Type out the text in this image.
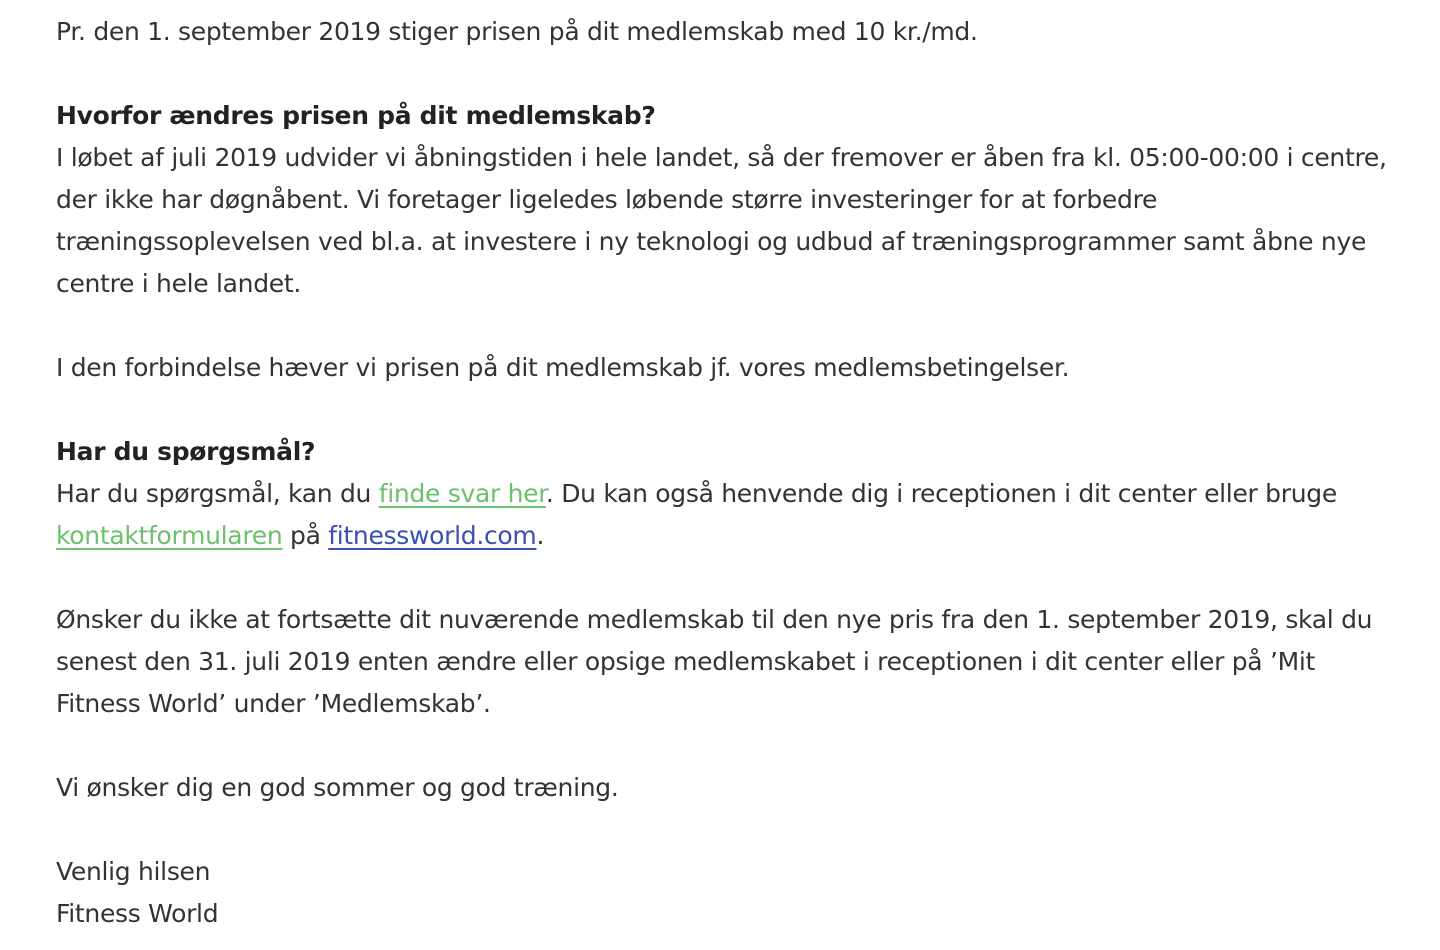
Pr. den 1. september 2019 stiger prisen på dit medlemskab med 10 kr./md.

Hvorfor ændres prisen på dit medlemskab?

I løbet af juli 2019 udvider vi åbningstiden i hele landet, så der fremover er åben fra kl. 05:00-00:00 i centre, der ikke har døgnåbent. Vi foretager ligeledes løbende større investeringer for at forbedre træningssoplevelsen ved bl.a. at investere i ny teknologi og udbud af træningsprogrammer samt åbne nye centre i hele landet.

I den forbindelse hæver vi prisen på dit medlemskab jf. vores medlemsbetingelser.

Har du spørgsmål?

Har du spørgsmål, kan du finde svar her. Du kan også henvende dig i receptionen i dit center eller bruge kontaktformularen på fitnessworld.com.

Ønsker du ikke at fortsætte dit nuværende medlemskab til den nye pris fra den 1. september 2019, skal du senest den 31. juli 2019 enten ændre eller opsige medlemskabet i receptionen i dit center eller på ’Mit Fitness World’ under ’Medlemskab’.

Vi ønsker dig en god sommer og god træning.

Venlig hilsen

Fitness World
